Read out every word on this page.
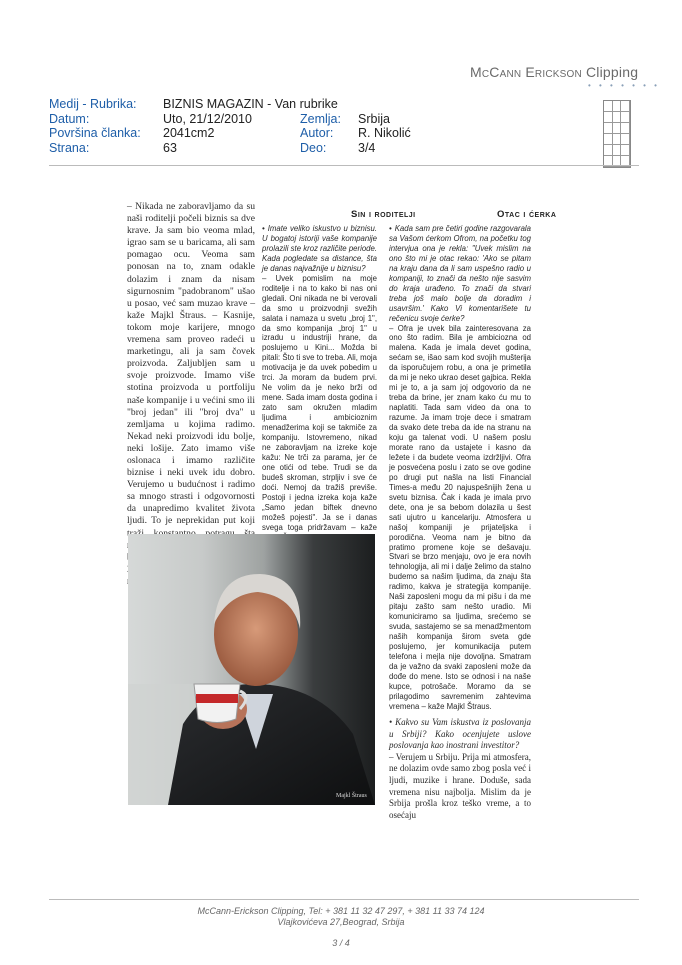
McCann Erickson Clipping
• • • • • • •
Medij - Rubrika:
Datum:
Površina članka:
Strana:
BIZNIS MAGAZIN - Van rubrike
Uto, 21/12/2010
2041cm2
63
Zemlja:
Autor:
Deo:
Srbija
R. Nikolić
3/4

– Nikada ne zaboravljamo da su naši roditelji počeli biznis sa dve krave. Ja sam bio veoma mlad, igrao sam se u baricama, ali sam pomagao ocu. Veoma sam ponosan na to, znam odakle dolazim i znam da nisam sigurnosnim "padobranom" ušao u posao, već sam muzao krave – kaže Majkl Štraus. – Kasnije, tokom moje karijere, mnogo vremena sam proveo radeći u marketingu, ali ja sam čovek proizvoda. Zaljubljen sam u svoje proizvode. Imamo više stotina proizvoda u portfoliju naše kompanije i u većini smo ili "broj jedan" ili "broj dva" u zemljama u kojima radimo. Nekad neki proizvodi idu bolje, neki lošije. Zato imamo više oslonaca i imamo različite biznise i neki uvek idu dobro. Verujemo u budućnost i radimo sa mnogo strasti i odgovornosti da unapredimo kvalitet života ljudi. To je neprekidan put koji

Sin i roditelji	Otac i ćerka

• Imate veliko iskustvo u biznisu. U bogatoj istoriji vaše kompanije prolazili ste kroz različite periode. Kada pogledate sa distance, šta je danas najvažnije u biznisu?

– Uvek pomislim na moje roditelje i na to kako bi nas oni gledali. Oni nikada ne bi verovali da smo u proizvodnji svežih salata i namaza u svetu „broj 1", da smo kompanija „broj 1" u izradu u industriji hrane, da poslujemo u Kini... Možda bi pitali: Što ti sve to treba. Ali, moja motivacija je da uvek pobedim u trci. Ja moram da budem prvi. Ne volim da je neko brži od mene. Sada imam dosta godina i zato sam okružen mladim ljudima i ambicioznim menadžerima koji se takmiče za kompaniju. Istovremeno, nikad ne zaboravljam na izreke koje kažu: Ne trči za parama, jer će one otići od tebe. Trudi se da budeš skroman, strpljiv i sve će doći. Nemoj da tražiš previše. Postoji i jedna izreka koja kaže „Samo jedan biftek dnevno možeš pojesti". Ja se i danas svega toga pridržavam – kaže

• Kada sam pre četiri godine razgovarala sa Vašom ćerkom Ofrom, na početku tog intervjua ona je rekla: "Uvek mislim na ono što mi je otac rekao: 'Ako se pitam na kraju dana da li sam uspešno radio u kompaniji, to znači da nešto nije sasvim do kraja urađeno. To znači da stvari treba još malo bolje da doradim i usavršim.' Kako Vi komentarišete tu rečenicu svoje ćerke?

– Ofra je uvek bila zainteresovana za ono što radim. Bila je ambiciozna od malena. Kada je imala devet godina, sećam se, išao sam kod svojih mušterija da isporučujem robu, a ona je primetila da mi je neko ukrao deset gajbica. Rekla mi je to, a ja sam joj odgovorio da ne treba da brine, jer znam kako ću mu to naplatiti. Tada sam video da ona to razume. Ja imam troje dece i smatram da svako dete treba da ide na stranu na koju ga talenat vodi. U našem poslu morate rano da ustajete i kasno da ležete i da budete veoma izdržljivi. Ofra je posvećena poslu i zato se ove godine po drugi put našla na listi Financial Times-a među 20 najuspešnijih žena u svetu biznisa. Čak i kada je imala prvo dete, ona je sa bebom dolazila u šest sati ujutro u kancelariju. Atmosfera u našoj kompaniji je prijateljska i porodična. Veoma nam je bitno da pratimo promene koje se dešavaju. Stvari se brzo menjaju, ovo je era novih tehnologija, ali mi i dalje želimo da stalno budemo sa našim ljudima, da znaju šta radimo, kakva je strategija kompanije. Naši zaposleni mogu da mi pišu i da me pitaju zašto sam nešto uradio. Mi komuniciramo sa ljudima, srećemo se svuda, sastajemo se sa menadžmentom naših kompanija širom sveta gde poslujemo, jer komunikacija putem telefona i mejla nije dovoljna. Smatram da je važno da svaki zaposleni može da dođe do mene. Isto se odnosi i na naše kupce, potrošače. Moramo da se prilagodimo savremenim zahtevima vremena – kaže Majkl Štraus.

• Kakvo su Vam iskustva iz poslovanja u Srbiji? Kako ocenjujete uslove poslovanja kao inostrani investitor?

– Verujem u Srbiju. Prija mi atmosfera, ne dolazim ovde samo zbog posla već i ljudi, muzike i hrane. Doduše, sada vremena nisu najbolja. Mislim da je Srbija prošla kroz teško vreme, a to osećaju

Majkl Štraus
McCann-Erickson Clipping, Tel: + 381 11 32 47 297, + 381 11 33 74 124
Vlajkovićeva 27,Beograd, Srbija
3 / 4
